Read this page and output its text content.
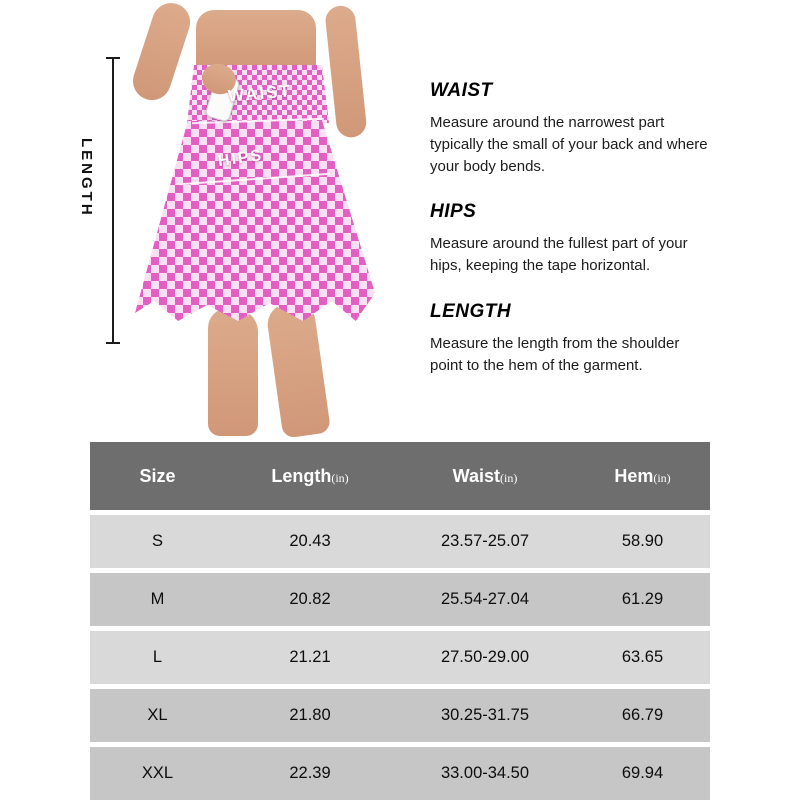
LENGTH
WAIST
HIPS
WAIST
Measure around the narrowest part typically the small of your back and where your body bends.
HIPS
Measure around the fullest part of your hips, keeping the tape horizontal.
LENGTH
Measure the length from the shoulder point to the hem of the garment.
Size	Length(in)	Waist(in)	Hem(in)
S	20.43	23.57-25.07	58.90
M	20.82	25.54-27.04	61.29
L	21.21	27.50-29.00	63.65
XL	21.80	30.25-31.75	66.79
XXL	22.39	33.00-34.50	69.94
